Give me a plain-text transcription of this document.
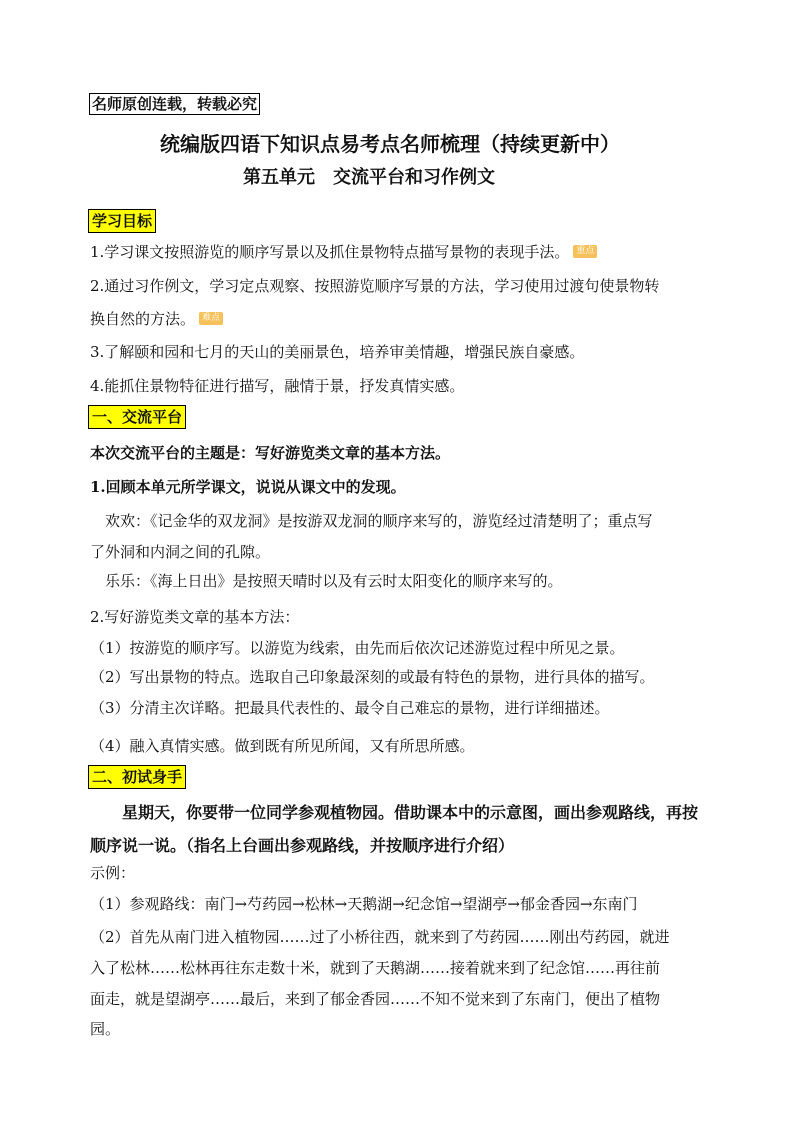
名师原创连载，转载必究
统编版四语下知识点易考点名师梳理（持续更新中）
第五单元　交流平台和习作例文
学习目标
1.学习课文按照游览的顺序写景以及抓住景物特点描写景物的表现手法。 重点
2.通过习作例文，学习定点观察、按照游览顺序写景的方法，学习使用过渡句使景物转
换自然的方法。 难点
3.了解颐和园和七月的天山的美丽景色，培养审美情趣，增强民族自豪感。
4.能抓住景物特征进行描写，融情于景，抒发真情实感。
一、交流平台
本次交流平台的主题是：写好游览类文章的基本方法。
1.回顾本单元所学课文，说说从课文中的发现。
欢欢：《记金华的双龙洞》是按游双龙洞的顺序来写的，游览经过清楚明了；重点写
了外洞和内洞之间的孔隙。
乐乐：《海上日出》是按照天晴时以及有云时太阳变化的顺序来写的。
2.写好游览类文章的基本方法：
（1）按游览的顺序写。以游览为线索，由先而后依次记述游览过程中所见之景。
（2）写出景物的特点。选取自己印象最深刻的或最有特色的景物，进行具体的描写。
（3）分清主次详略。把最具代表性的、最令自己难忘的景物，进行详细描述。
（4）融入真情实感。做到既有所见所闻，又有所思所感。
二、初试身手
星期天，你要带一位同学参观植物园。借助课本中的示意图，画出参观路线，再按
顺序说一说。（指名上台画出参观路线，并按顺序进行介绍）
示例：
（1）参观路线：南门→芍药园→松林→天鹅湖→纪念馆→望湖亭→郁金香园→东南门
（2）首先从南门进入植物园……过了小桥往西，就来到了芍药园……刚出芍药园，就进
入了松林……松林再往东走数十米，就到了天鹅湖……接着就来到了纪念馆……再往前
面走，就是望湖亭……最后，来到了郁金香园……不知不觉来到了东南门，便出了植物
园。
